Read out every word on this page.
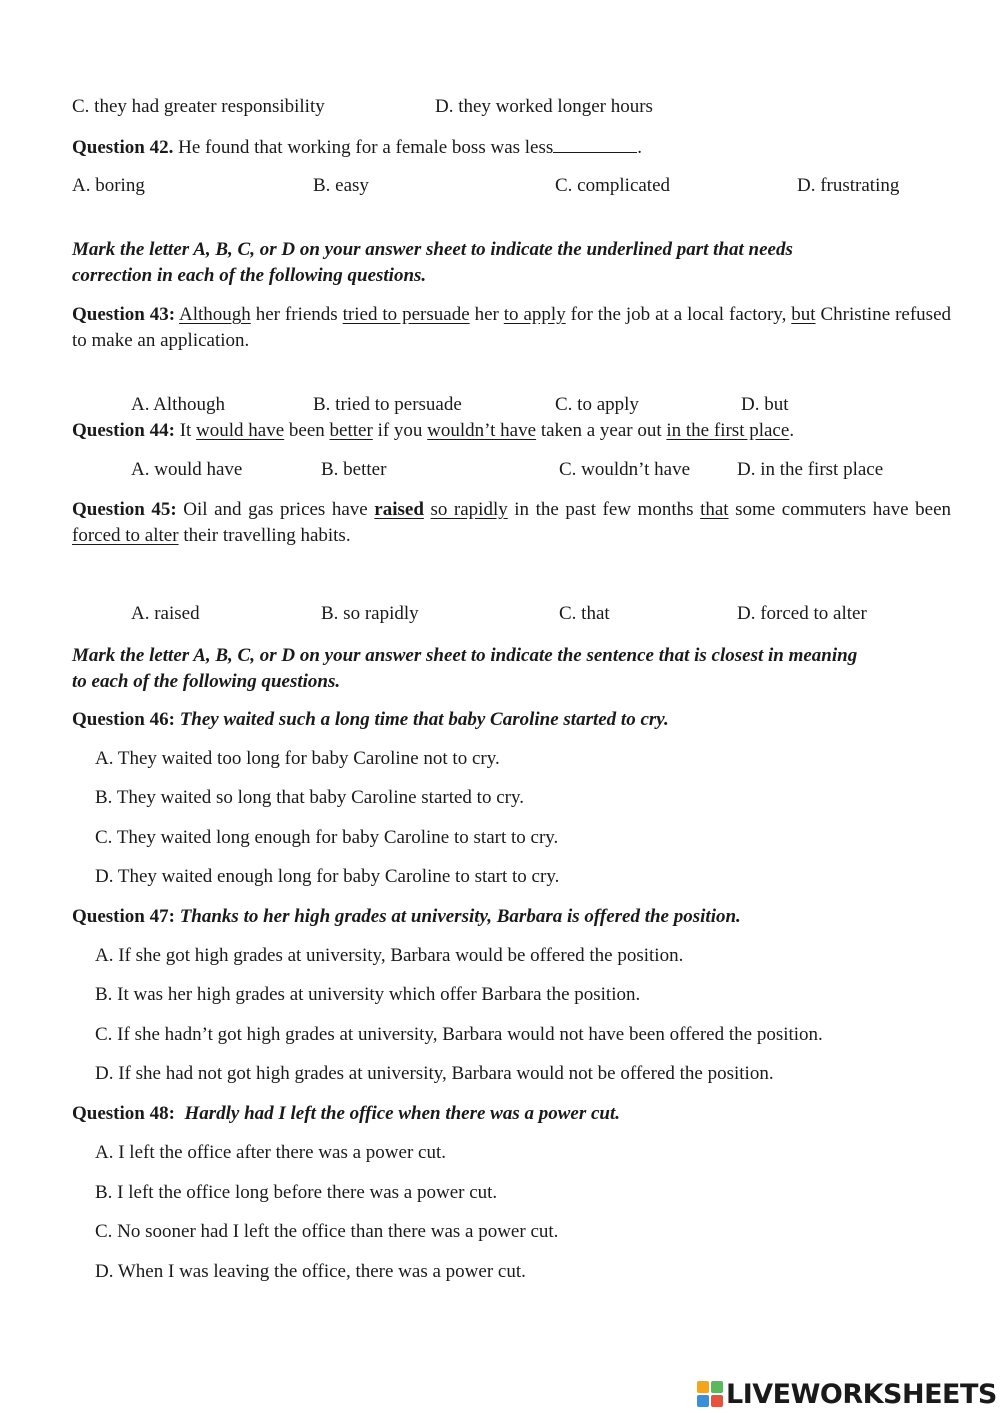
C. they had greater responsibility	D. they worked longer hours
Question 42. He found that working for a female boss was less	.
A. boring	B. easy	C. complicated	D. frustrating
Mark the letter A, B, C, or D on your answer sheet to indicate the underlined part that needs
correction in each of the following questions.
Question 43: Although her friends tried to persuade her to apply for the job at a local factory, but Christine refused to make an application.
A. Although	B. tried to persuade	C. to apply	D. but
Question 44: It would have been better if you wouldn’t have taken a year out in the first place.
A. would have	B. better	C. wouldn’t have D. in the first place
Question 45: Oil and gas prices have raised so rapidly in the past few months that some commuters have been forced to alter their travelling habits.
A. raised	B. so rapidly	C. that	D. forced to alter
Mark the letter A, B, C, or D on your answer sheet to indicate the sentence that is closest in meaning
to each of the following questions.
Question 46: They waited such a long time that baby Caroline started to cry.
A. They waited too long for baby Caroline not to cry.
B. They waited so long that baby Caroline started to cry.
C. They waited long enough for baby Caroline to start to cry.
D. They waited enough long for baby Caroline to start to cry.
Question 47: Thanks to her high grades at university, Barbara is offered the position.
A. If she got high grades at university, Barbara would be offered the position.
B. It was her high grades at university which offer Barbara the position.
C. If she hadn’t got high grades at university, Barbara would not have been offered the position.
D. If she had not got high grades at university, Barbara would not be offered the position.
Question 48: Hardly had I left the office when there was a power cut.
A. I left the office after there was a power cut.
B. I left the office long before there was a power cut.
C. No sooner had I left the office than there was a power cut.
D. When I was leaving the office, there was a power cut.
LIVEWORKSHEETS
